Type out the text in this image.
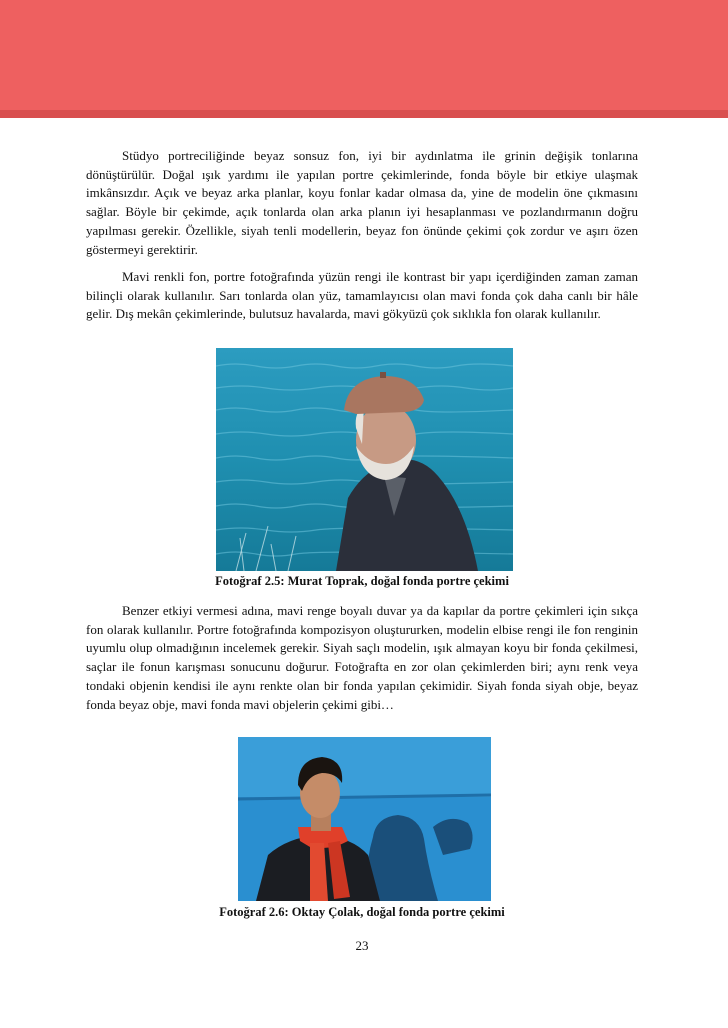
Stüdyo portreciliğinde beyaz sonsuz fon, iyi bir aydınlatma ile grinin değişik tonlarına dönüştürülür. Doğal ışık yardımı ile yapılan portre çekimlerinde, fonda böyle bir etkiye ulaşmak imkânsızdır. Açık ve beyaz arka planlar, koyu fonlar kadar olmasa da, yine de modelin öne çıkmasını sağlar. Böyle bir çekimde, açık tonlarda olan arka planın iyi hesaplanması ve pozlandırmanın doğru yapılması gerekir. Özellikle, siyah tenli modellerin, beyaz fon önünde çekimi çok zordur ve aşırı özen göstermeyi gerektirir.

Mavi renkli fon, portre fotoğrafında yüzün rengi ile kontrast bir yapı içerdiğinden zaman zaman bilinçli olarak kullanılır. Sarı tonlarda olan yüz, tamamlayıcısı olan mavi fonda çok daha canlı bir hâle gelir. Dış mekân çekimlerinde, bulutsuz havalarda, mavi gökyüzü çok sıklıkla fon olarak kullanılır.

Fotoğraf 2.5: Murat Toprak, doğal fonda portre çekimi

Benzer etkiyi vermesi adına, mavi renge boyalı duvar ya da kapılar da portre çekimleri için sıkça fon olarak kullanılır. Portre fotoğrafında kompozisyon oluştururken, modelin elbise rengi ile fon renginin uyumlu olup olmadığının incelemek gerekir. Siyah saçlı modelin, ışık almayan koyu bir fonda çekilmesi, saçlar ile fonun karışması sonucunu doğurur. Fotoğrafta en zor olan çekimlerden biri; aynı renk veya tondaki objenin kendisi ile aynı renkte olan bir fonda yapılan çekimidir. Siyah fonda siyah obje, beyaz fonda beyaz obje, mavi fonda mavi objelerin çekimi gibi…

Fotoğraf 2.6: Oktay Çolak, doğal fonda portre çekimi
23
